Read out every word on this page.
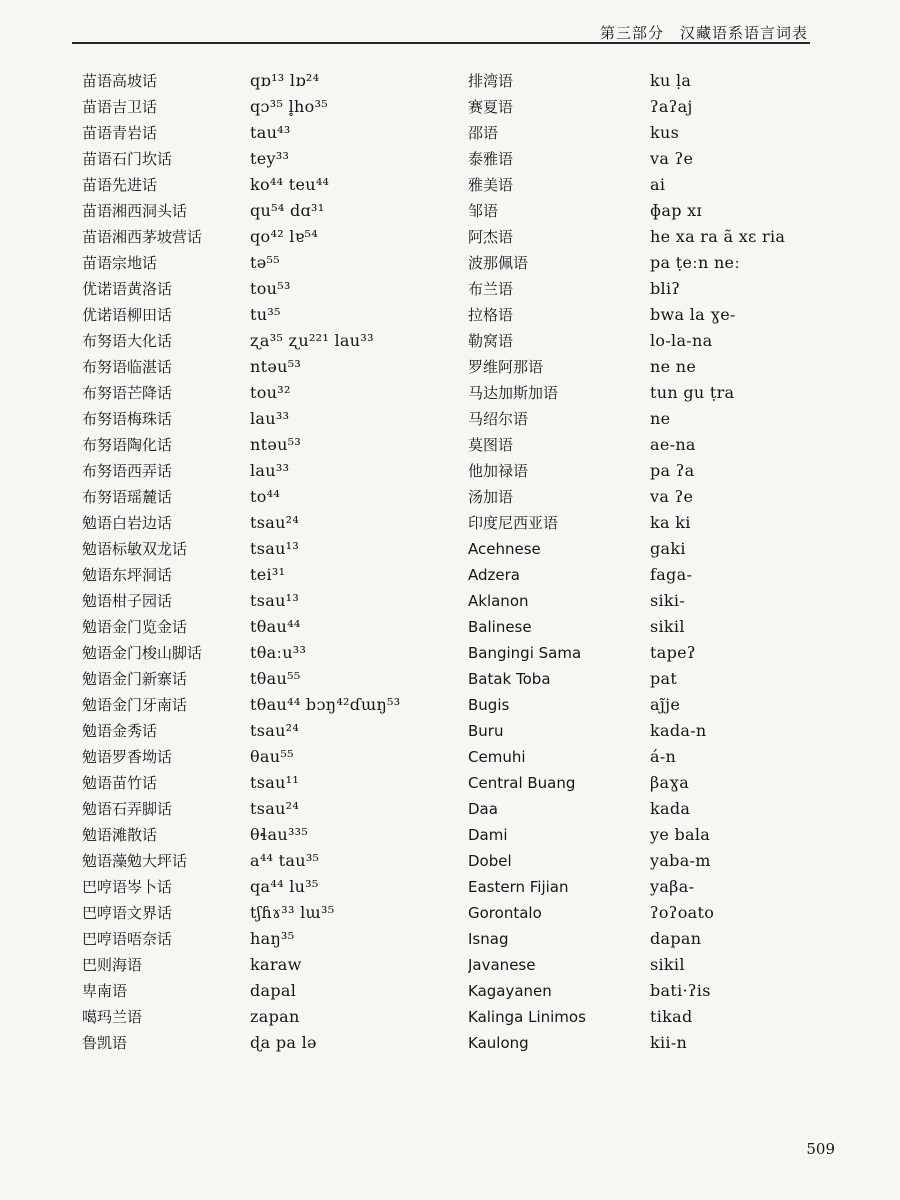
第三部分　汉藏语系语言词表
苗语高坡话
苗语吉卫话
苗语青岩话
苗语石门坎话
苗语先进话
苗语湘西洞头话
苗语湘西茅坡营话
苗语宗地话
优诺语黄洛话
优诺语柳田话
布努语大化话
布努语临湛话
布努语芒降话
布努语梅珠话
布努语陶化话
布努语西弄话
布努语瑶麓话
勉语白岩边话
勉语标敏双龙话
勉语东坪洞话
勉语柑子园话
勉语金门览金话
勉语金门梭山脚话
勉语金门新寨话
勉语金门牙南话
勉语金秀话
勉语罗香坳话
勉语苗竹话
勉语石弄脚话
勉语滩散话
勉语藻勉大坪话
巴哼语岑卜话
巴哼语文界话
巴哼语唔奈话
巴则海语
卑南语
噶玛兰语
鲁凯语
qɒ¹³ lɒ²⁴
qɔ³⁵ l̥ho³⁵
tau⁴³
tey³³
ko⁴⁴ teu⁴⁴
qu⁵⁴ dɑ³¹
qo⁴² lɐ⁵⁴
tə⁵⁵
tou⁵³
tu³⁵
ʐa³⁵ ʐu²²¹ lau³³
ntəu⁵³
tou³²
lau³³
ntəu⁵³
lau³³
to⁴⁴
tsau²⁴
tsau¹³
tei³¹
tsau¹³
tθau⁴⁴
tθaːu³³
tθau⁵⁵
tθau⁴⁴ bɔŋ⁴²ɗɯŋ⁵³
tsau²⁴
θau⁵⁵
tsau¹¹
tsau²⁴
θɬau³³⁵
a⁴⁴ tau³⁵
qa⁴⁴ lu³⁵
tʃɦɤ³³ lɯ³⁵
haŋ³⁵
karaw
dapal
zapan
ɖa pa lə
排湾语
赛夏语
邵语
泰雅语
雅美语
邹语
阿杰语
波那佩语
布兰语
拉格语
勒窝语
罗维阿那语
马达加斯加语
马绍尔语
莫图语
他加禄语
汤加语
印度尼西亚语
Acehnese
Adzera
Aklanon
Balinese
Bangingi Sama
Batak Toba
Bugis
Buru
Cemuhi
Central Buang
Daa
Dami
Dobel
Eastern Fijian
Gorontalo
Isnag
Javanese
Kagayanen
Kalinga Linimos
Kaulong
ku ḷa
ʔaʔaj
kus
va ʔe
ai
ɸap xɪ
he xa ra ã xɛ ria
pa ṭeːn neː
bliʔ
bwa la ɣe-
lo-la-na
ne ne
tun gu ṭra
ne
ae-na
pa ʔa
va ʔe
ka ki
gaki
faga-
siki-
sikil
tapeʔ
pat
aj̃je
kada-n
á-n
βaɣa
kada
ye bala
yaba-m
yaβa-
ʔoʔoato
dapan
sikil
bati·ʔis
tikad
kii-n
509
